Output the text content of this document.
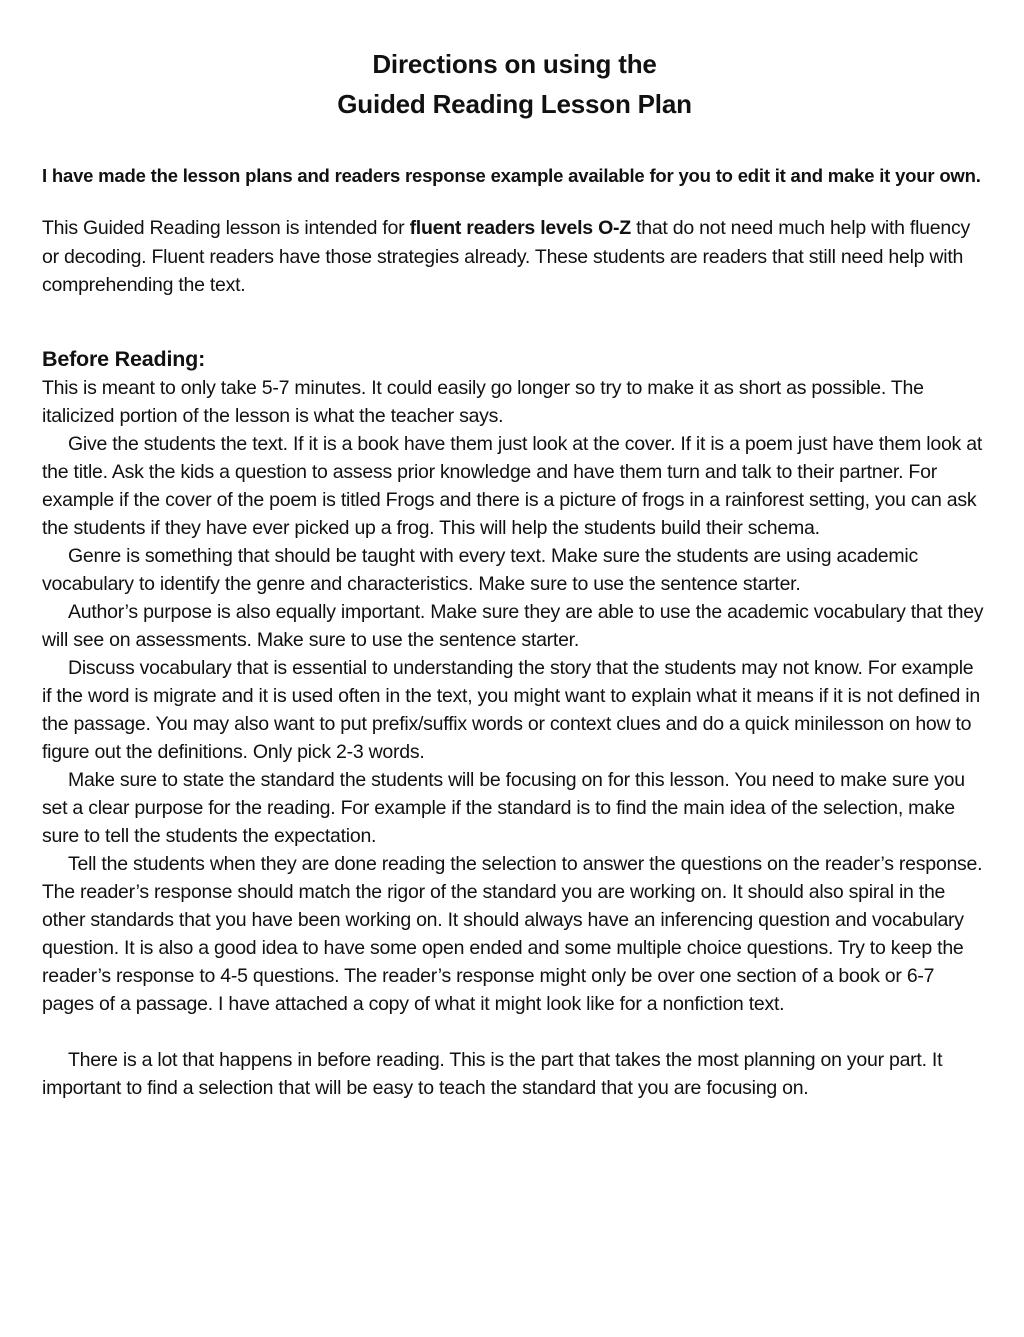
Directions on using the
Guided Reading Lesson Plan

I have made the lesson plans and readers response example available for you to edit it and make it your own.

This Guided Reading lesson is intended for fluent readers levels O-Z that do not need much help with fluency or decoding. Fluent readers have those strategies already. These students are readers that still need help with comprehending the text.

Before Reading:

This is meant to only take 5-7 minutes. It could easily go longer so try to make it as short as possible. The italicized portion of the lesson is what the teacher says.

Give the students the text. If it is a book have them just look at the cover. If it is a poem just have them look at the title. Ask the kids a question to assess prior knowledge and have them turn and talk to their partner. For example if the cover of the poem is titled Frogs and there is a picture of frogs in a rainforest setting, you can ask the students if they have ever picked up a frog. This will help the students build their schema.

Genre is something that should be taught with every text. Make sure the students are using academic vocabulary to identify the genre and characteristics. Make sure to use the sentence starter.

Author’s purpose is also equally important. Make sure they are able to use the academic vocabulary that they will see on assessments. Make sure to use the sentence starter.

Discuss vocabulary that is essential to understanding the story that the students may not know. For example if the word is migrate and it is used often in the text, you might want to explain what it means if it is not defined in the passage. You may also want to put prefix/suffix words or context clues and do a quick minilesson on how to figure out the definitions. Only pick 2-3 words.

Make sure to state the standard the students will be focusing on for this lesson. You need to make sure you set a clear purpose for the reading. For example if the standard is to find the main idea of the selection, make sure to tell the students the expectation.

Tell the students when they are done reading the selection to answer the questions on the reader’s response. The reader’s response should match the rigor of the standard you are working on. It should also spiral in the other standards that you have been working on. It should always have an inferencing question and vocabulary question. It is also a good idea to have some open ended and some multiple choice questions. Try to keep the reader’s response to 4-5 questions. The reader’s response might only be over one section of a book or 6-7 pages of a passage. I have attached a copy of what it might look like for a nonfiction text.

There is a lot that happens in before reading. This is the part that takes the most planning on your part. It important to find a selection that will be easy to teach the standard that you are focusing on.
